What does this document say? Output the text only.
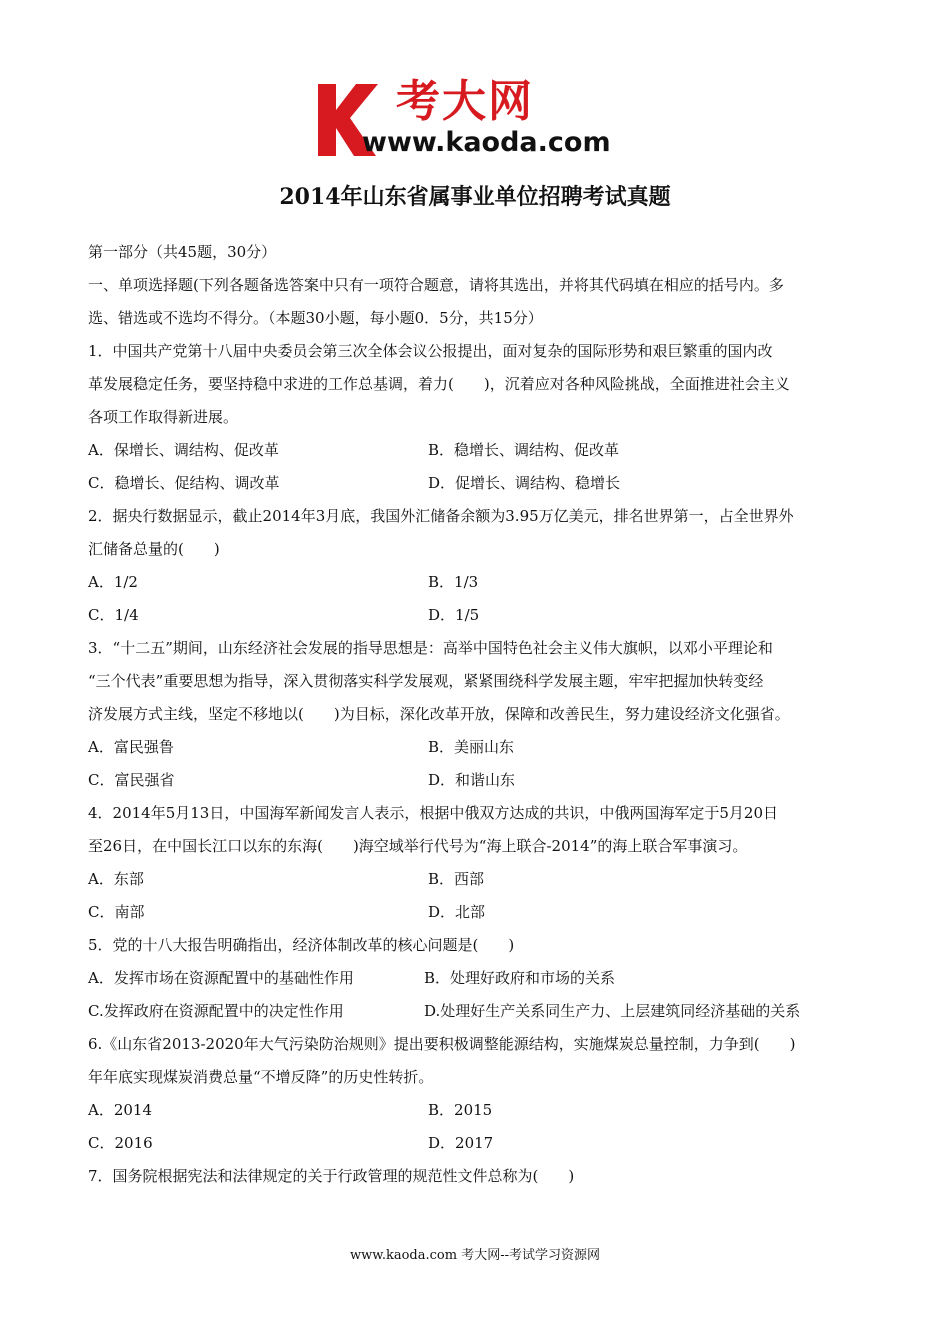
考大网
www.kaoda.com
2014年山东省属事业单位招聘考试真题
第一部分（共45题，30分）
一、单项选择题(下列各题备选答案中只有一项符合题意，请将其选出，并将其代码填在相应的括号内。多
选、错选或不选均不得分。（本题30小题，每小题0．5分，共15分）
1．中国共产党第十八届中央委员会第三次全体会议公报提出，面对复杂的国际形势和艰巨繁重的国内改
革发展稳定任务，要坚持稳中求进的工作总基调，着力(　　)，沉着应对各种风险挑战，全面推进社会主义
各项工作取得新进展。
A．保增长、调结构、促改革	B．稳增长、调结构、促改革
C．稳增长、促结构、调改革	D．促增长、调结构、稳增长
2．据央行数据显示，截止2014年3月底，我国外汇储备余额为3.95万亿美元，排名世界第一，占全世界外
汇储备总量的(　　)
A．1/2	B．1/3
C．1/4	D．1/5
3．“十二五”期间，山东经济社会发展的指导思想是：高举中国特色社会主义伟大旗帜，以邓小平理论和
“三个代表”重要思想为指导，深入贯彻落实科学发展观，紧紧围绕科学发展主题，牢牢把握加快转变经
济发展方式主线，坚定不移地以(　　)为目标，深化改革开放，保障和改善民生，努力建设经济文化强省。
A．富民强鲁	B．美丽山东
C．富民强省	D．和谐山东
4．2014年5月13日，中国海军新闻发言人表示，根据中俄双方达成的共识，中俄两国海军定于5月20日
至26日，在中国长江口以东的东海(　　)海空域举行代号为“海上联合-2014”的海上联合军事演习。
A．东部	B．西部
C．南部	D．北部
5．党的十八大报告明确指出，经济体制改革的核心问题是(　　)
A．发挥市场在资源配置中的基础性作用	B．处理好政府和市场的关系
C.发挥政府在资源配置中的决定性作用	D.处理好生产关系同生产力、上层建筑同经济基础的关系
6.《山东省2013-2020年大气污染防治规则》提出要积极调整能源结构，实施煤炭总量控制，力争到(　　)
年年底实现煤炭消费总量“不增反降”的历史性转折。
A．2014	B．2015
C．2016	D．2017
7．国务院根据宪法和法律规定的关于行政管理的规范性文件总称为(　　)
www.kaoda.com 考大网--考试学习资源网
